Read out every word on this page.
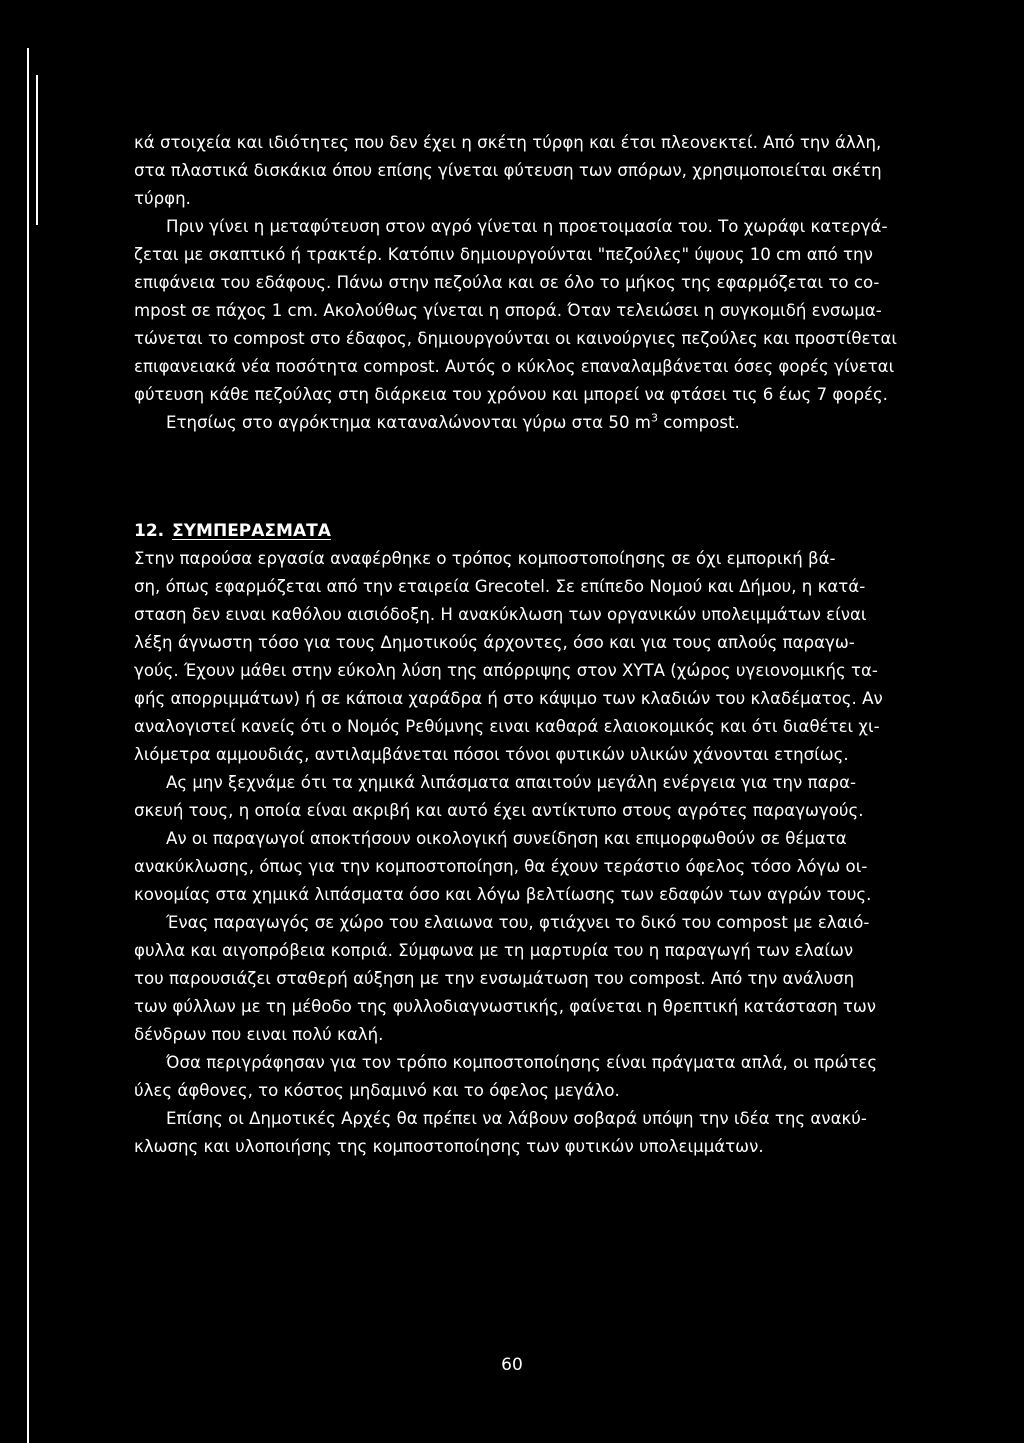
κά στοιχεία και ιδιότητες που δεν έχει η σκέτη τύρφη και έτσι πλεονεκτεί. Από την άλλη,
στα πλαστικά δισκάκια όπου επίσης γίνεται φύτευση των σπόρων, χρησιμοποιείται σκέτη
τύρφη.

Πριν γίνει η μεταφύτευση στον αγρό γίνεται η προετοιμασία του. Το χωράφι κατεργά-
ζεται με σκαπτικό ή τρακτέρ. Κατόπιν δημιουργούνται "πεζούλες" ύψους 10 cm από την
επιφάνεια του εδάφους. Πάνω στην πεζούλα και σε όλο το μήκος της εφαρμόζεται το co-
mpost σε πάχος 1 cm. Ακολούθως γίνεται η σπορά. Όταν τελειώσει η συγκομιδή ενσωμα-
τώνεται το compost στο έδαφος, δημιουργούνται οι καινούργιες πεζούλες και προστίθεται
επιφανειακά νέα ποσότητα compost. Αυτός ο κύκλος επαναλαμβάνεται όσες φορές γίνεται
φύτευση κάθε πεζούλας στη διάρκεια του χρόνου και μπορεί να φτάσει τις 6 έως 7 φορές.

Ετησίως στο αγρόκτημα καταναλώνονται γύρω στα 50 $m^3$ compost.

12. ΣΥΜΠΕΡΑΣΜΑΤΑ

Στην παρούσα εργασία αναφέρθηκε ο τρόπος κομποστοποίησης σε όχι εμπορική βά-
ση, όπως εφαρμόζεται από την εταιρεία Grecotel. Σε επίπεδο Νομού και Δήμου, η κατά-
σταση δεν ειναι καθόλου αισιόδοξη. Η ανακύκλωση των οργανικών υπολειμμάτων είναι
λέξη άγνωστη τόσο για τους Δημοτικούς άρχοντες, όσο και για τους απλούς παραγω-
γούς. Έχουν μάθει στην εύκολη λύση της απόρριψης στον ΧΥΤΑ (χώρος υγειονομικής τα-
φής απορριμμάτων) ή σε κάποια χαράδρα ή στο κάψιμο των κλαδιών του κλαδέματος. Αν
αναλογιστεί κανείς ότι ο Νομός Ρεθύμνης ειναι καθαρά ελαιοκομικός και ότι διαθέτει χι-
λιόμετρα αμμουδιάς, αντιλαμβάνεται πόσοι τόνοι φυτικών υλικών χάνονται ετησίως.

Ας μην ξεχνάμε ότι τα χημικά λιπάσματα απαιτούν μεγάλη ενέργεια για την παρα-
σκευή τους, η οποία είναι ακριβή και αυτό έχει αντίκτυπο στους αγρότες παραγωγούς.

Αν οι παραγωγοί αποκτήσουν οικολογική συνείδηση και επιμορφωθούν σε θέματα
ανακύκλωσης, όπως για την κομποστοποίηση, θα έχουν τεράστιο όφελος τόσο λόγω οι-
κονομίας στα χημικά λιπάσματα όσο και λόγω βελτίωσης των εδαφών των αγρών τους.

Ένας παραγωγός σε χώρο του ελαιωνα του, φτιάχνει το δικό του compost με ελαιό-
φυλλα και αιγοπρόβεια κοπριά. Σύμφωνα με τη μαρτυρία του η παραγωγή των ελαίων
του παρουσιάζει σταθερή αύξηση με την ενσωμάτωση του compost. Από την ανάλυση
των φύλλων με τη μέθοδο της φυλλοδιαγνωστικής, φαίνεται η θρεπτική κατάσταση των
δένδρων που ειναι πολύ καλή.

Όσα περιγράφησαν για τον τρόπο κομποστοποίησης είναι πράγματα απλά, οι πρώτες
ύλες άφθονες, το κόστος μηδαμινό και το όφελος μεγάλο.

Επίσης οι Δημοτικές Αρχές θα πρέπει να λάβουν σοβαρά υπόψη την ιδέα της ανακύ-
κλωσης και υλοποιήσης της κομποστοποίησης των φυτικών υπολειμμάτων.

60
